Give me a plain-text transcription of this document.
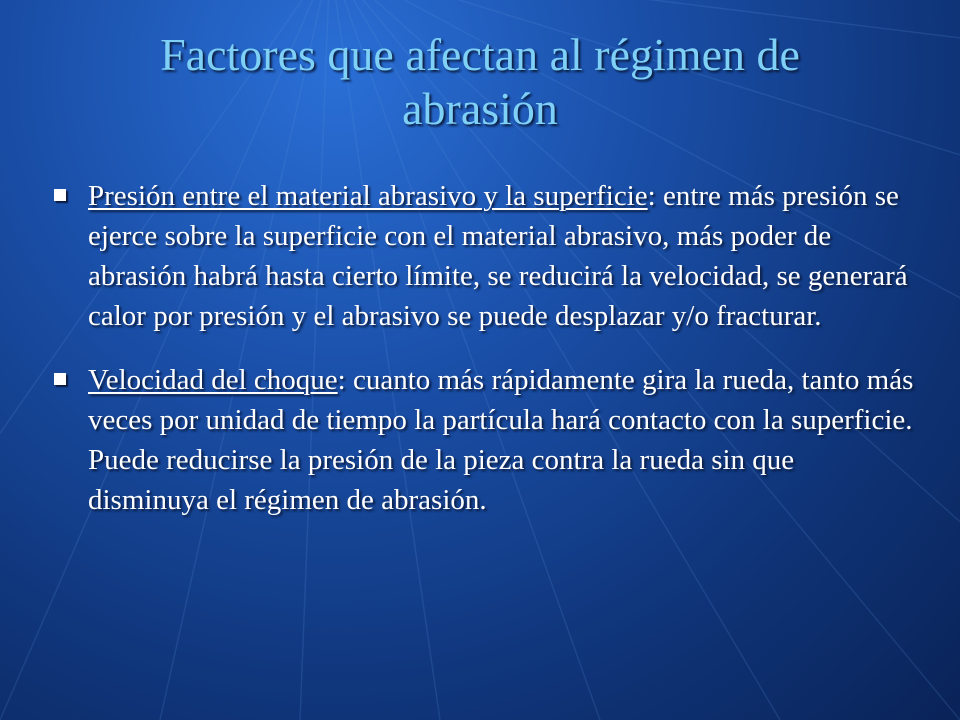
Factores que afectan al régimen de
abrasión
Presión entre el material abrasivo y la superficie: entre más presión se ejerce sobre la superficie con el material abrasivo, más poder de abrasión habrá hasta cierto límite, se reducirá la velocidad, se generará calor por presión y el abrasivo se puede desplazar y/o fracturar.
Velocidad del choque: cuanto más rápidamente gira la rueda, tanto más veces por unidad de tiempo la partícula hará contacto con la superficie. Puede reducirse la presión de la pieza contra la rueda sin que disminuya el régimen de abrasión.
